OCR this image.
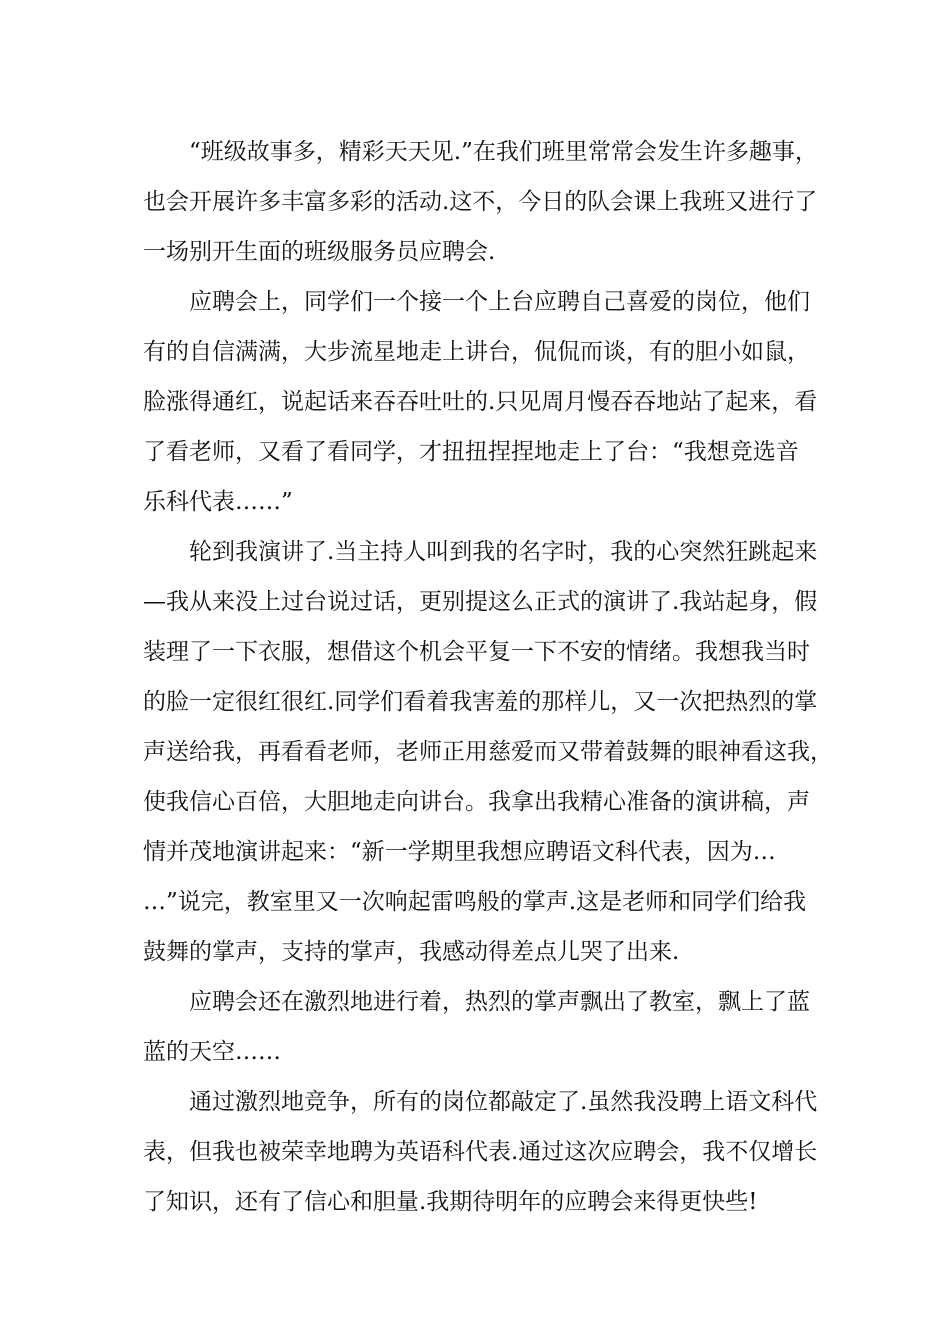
“班级故事多，精彩天天见.”在我们班里常常会发生许多趣事，
也会开展许多丰富多彩的活动.这不，今日的队会课上我班又进行了
一场别开生面的班级服务员应聘会.
应聘会上，同学们一个接一个上台应聘自己喜爱的岗位，他们
有的自信满满，大步流星地走上讲台，侃侃而谈，有的胆小如鼠，
脸涨得通红，说起话来吞吞吐吐的.只见周月慢吞吞地站了起来，看
了看老师，又看了看同学，才扭扭捏捏地走上了台：“我想竞选音
乐科代表……”
轮到我演讲了.当主持人叫到我的名字时，我的心突然狂跳起来
—我从来没上过台说过话，更别提这么正式的演讲了.我站起身，假
装理了一下衣服，想借这个机会平复一下不安的情绪。我想我当时
的脸一定很红很红.同学们看着我害羞的那样儿，又一次把热烈的掌
声送给我，再看看老师，老师正用慈爱而又带着鼓舞的眼神看这我，
使我信心百倍，大胆地走向讲台。我拿出我精心准备的演讲稿，声
情并茂地演讲起来：“新一学期里我想应聘语文科代表，因为…
…”说完，教室里又一次响起雷鸣般的掌声.这是老师和同学们给我
鼓舞的掌声，支持的掌声，我感动得差点儿哭了出来.
应聘会还在激烈地进行着，热烈的掌声飘出了教室，飘上了蓝
蓝的天空……
通过激烈地竞争，所有的岗位都敲定了.虽然我没聘上语文科代
表，但我也被荣幸地聘为英语科代表.通过这次应聘会，我不仅增长
了知识，还有了信心和胆量.我期待明年的应聘会来得更快些!
